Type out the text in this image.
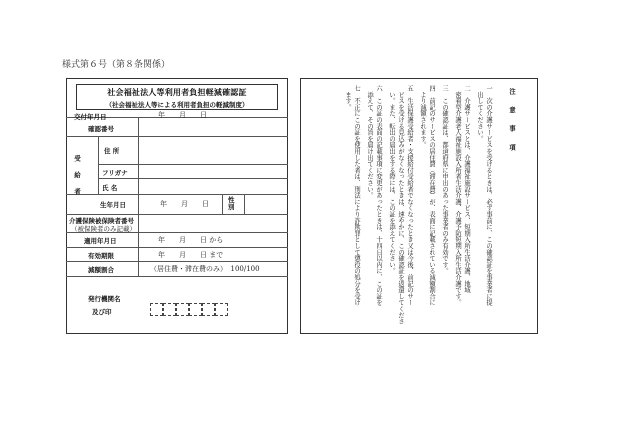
様式第６号（第８条関係）
社会福祉法人等利用者負担軽減確認証
（社会福祉法人等による利用者負担の軽減制度）
交付年月日	年　　月　　日
確認番号
受給者
住 所
フリガナ
氏 名
生年月日	年　　月　　日	性別
介護保険被保険者番号
（被保険者のみ記載）
適用年月日	年　　月　　日 から
有効期限	年　　月　　日 まで
減額割合	（居住費・滞在費のみ）　100/100
発行機関名
及び印
注　意　事　項
一　次の介護サービスを受けるときは、必ず事前に、この確認証を事業者に提
　出してください。
二　介護サービスとは、介護福祉施設サービス、短期入所生活介護、地域
　密着型介護老人福祉施設入所者生活介護、介護予防短期入所生活介護です。
三　この確認証は、都道府県に申出のあった事業者のみ有効です。
四　前記のサービスの居住費（滞在費）が、表面に記載されている減額割合に
　より減額されます。
五　生活保護受給者・支援給付受給者でなくなったとき又は今後、前記のサー
　ビスを受ける見込みがなくなったときは、速やかに、この確認証を返還してくださ
　い。また、転出の届出をする際には、この証を添えてください。
六　この証の表面の記載事項に変更があったときは、十四日以内に、この証を
　添えて、その旨を届け出てください。
七　不正にこの証を使用した者は、刑法により詐欺罪として懲役の処分を受け
　ます。
